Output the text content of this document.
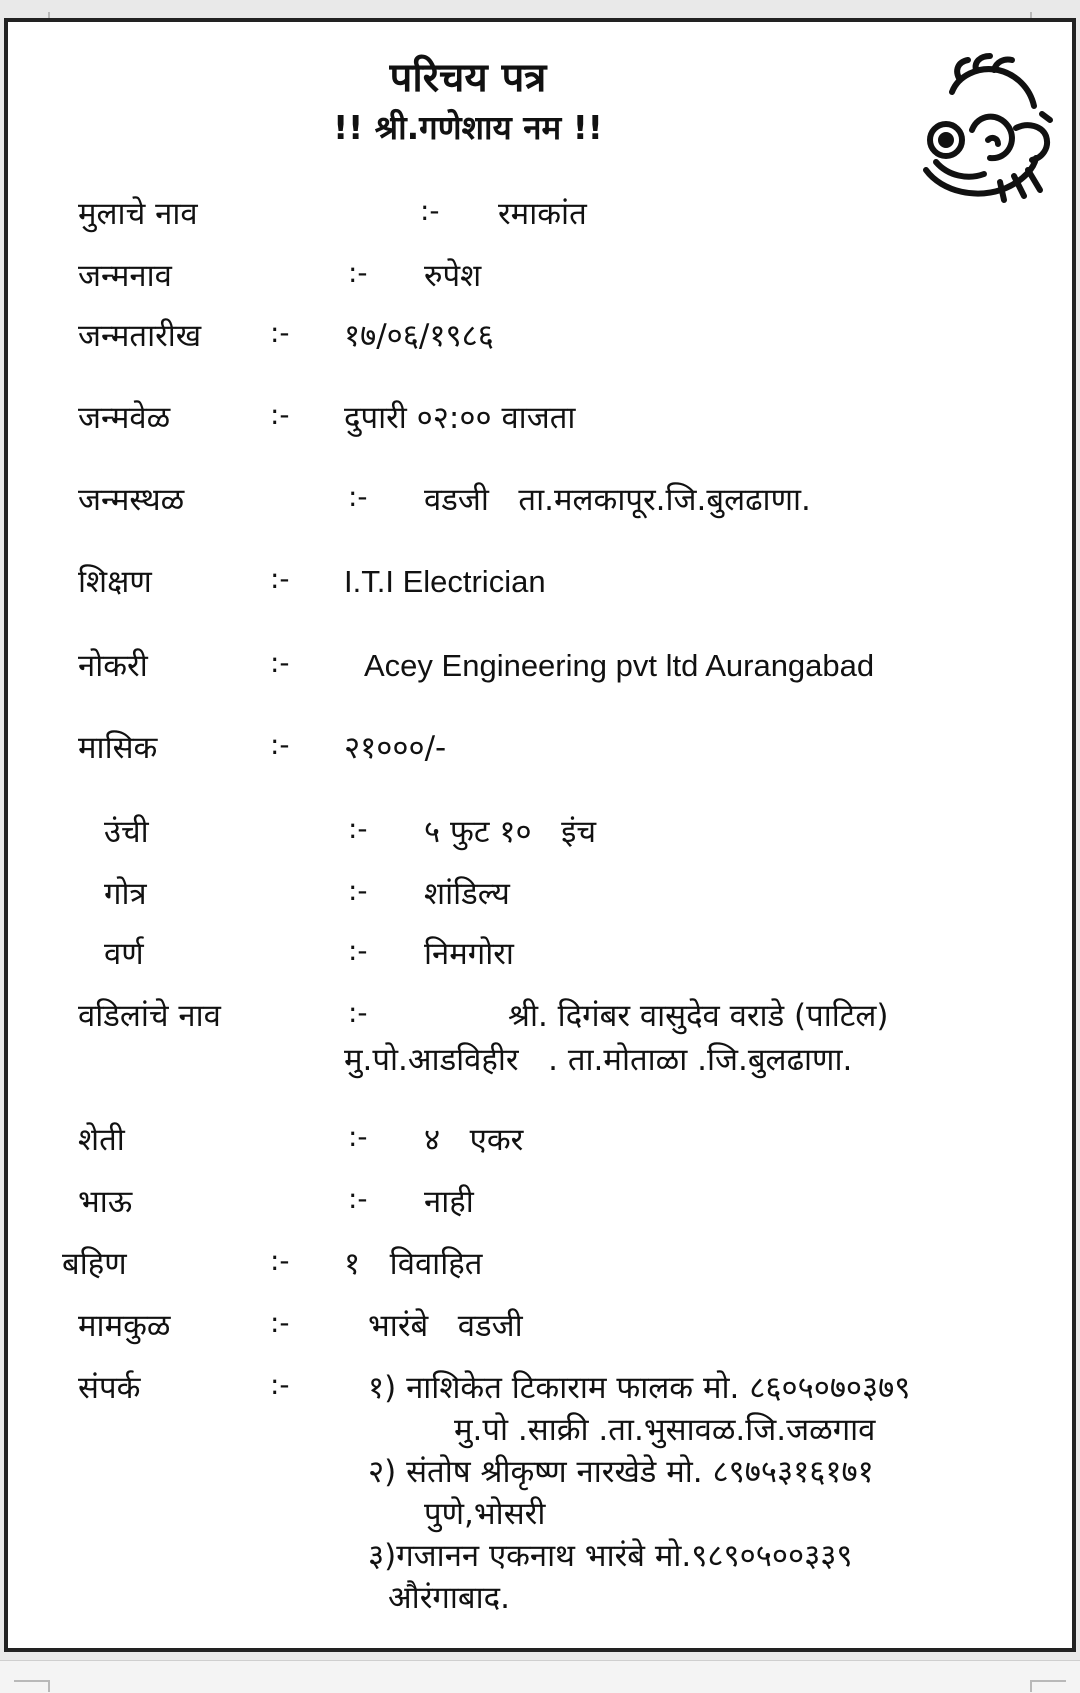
परिचय पत्र
!! श्री.गणेशाय नम !!
मुलाचे नाव	:- रमाकांत
जन्मनाव	:- रुपेश
जन्मतारीख :- १७/०६/१९८६
जन्मवेळ	:- दुपारी ०२:०० वाजता
जन्मस्थळ	:- वडजी   ता.मलकापूर.जि.बुलढाणा.
शिक्षण	:- I.T.I Electrician
नोकरी	:- Acey Engineering pvt ltd Aurangabad
मासिक	:- २१०००/-
उंची	:- ५ फुट १०   इंच
गोत्र	:- शांडिल्य
वर्ण	:- निमगोरा
वडिलांचे नाव	:-	श्री. दिगंबर वासुदेव वराडे (पाटिल)
मु.पो.आडविहीर   . ता.मोताळा .जि.बुलढाणा.
शेती	:- ४   एकर
भाऊ	:- नाही
बहिण	:- १   विवाहित
मामकुळ	:-	भारंबे   वडजी
संपर्क	:-	१) नाशिकेत टिकाराम फालक मो. ८६०५०७०३७९
मु.पो .साक्री .ता.भुसावळ.जि.जळगाव
२) संतोष श्रीकृष्ण नारखेडे मो. ८९७५३१६१७१
पुणे,भोसरी
३)गजानन एकनाथ भारंबे मो.९८९०५००३३९
औरंगाबाद.
